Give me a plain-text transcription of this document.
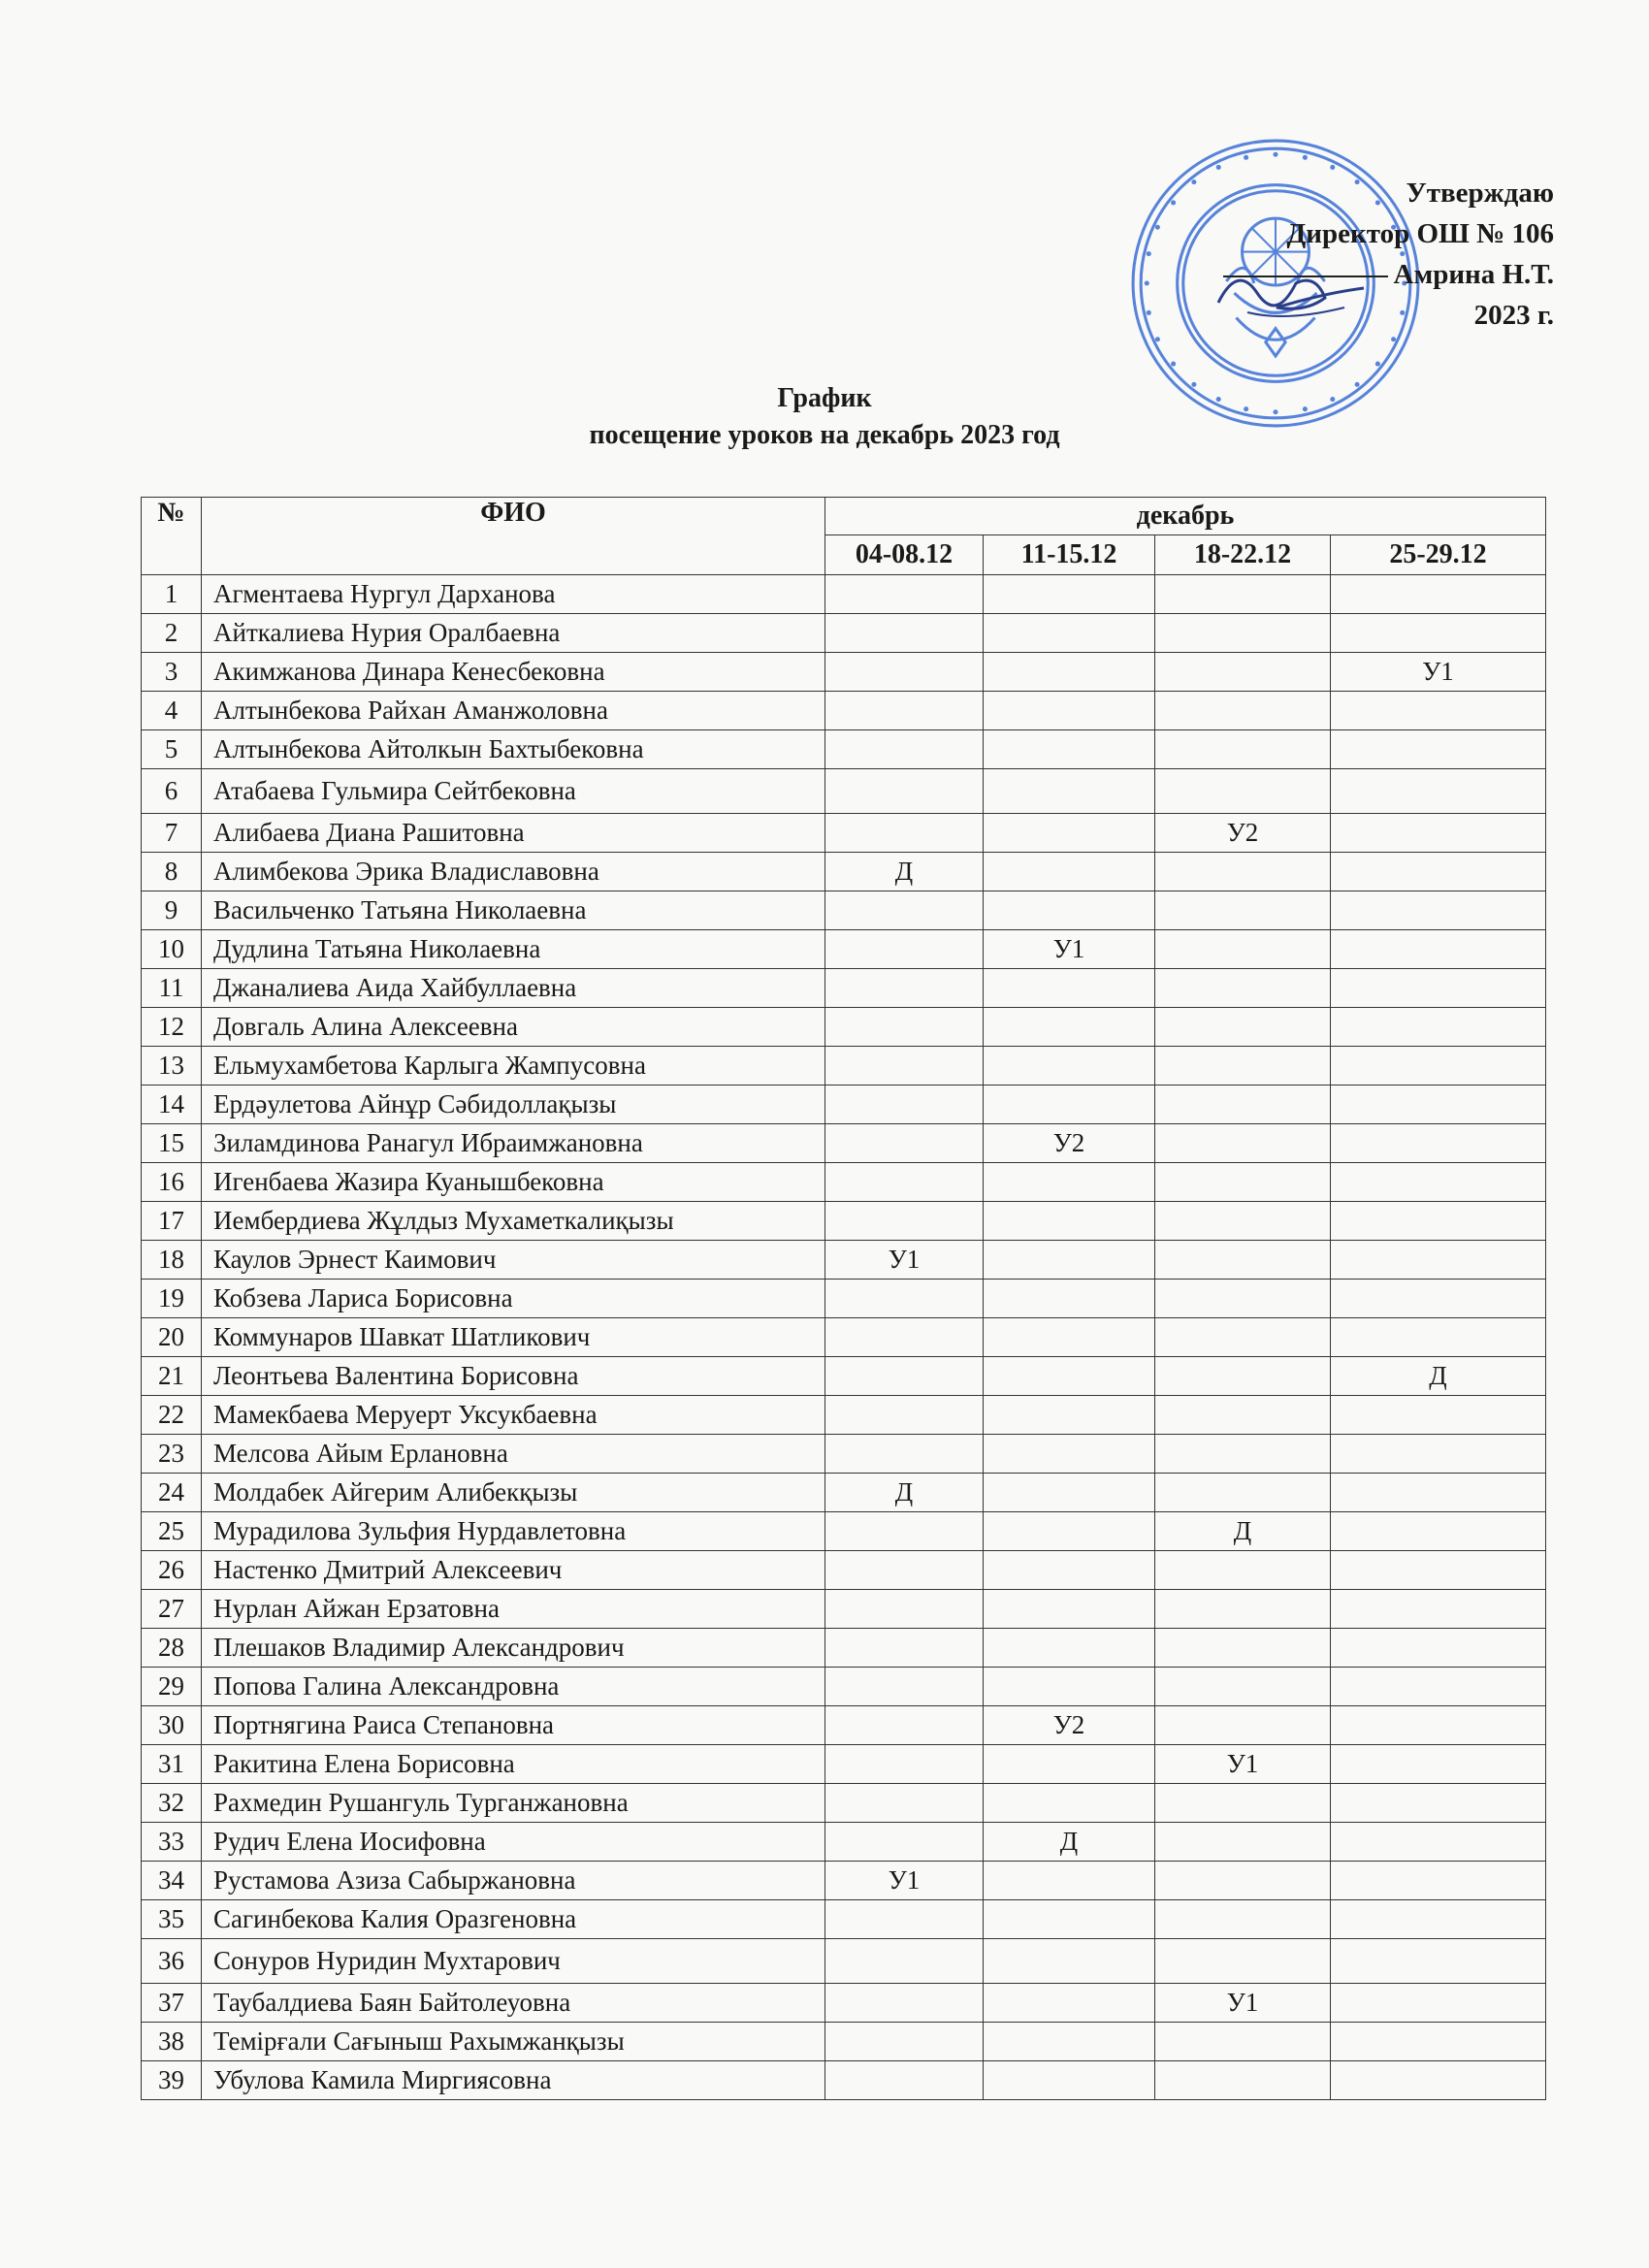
Утверждаю
Директор ОШ № 106
Амрина Н.Т.
2023 г.
График
посещение уроков на декабрь 2023 год
№	ФИО	декабрь			
		04-08.12	11-15.12	18-22.12	25-29.12
1	Агментаева Нургул Дарханова				
2	Айткалиева Нурия Оралбаевна				
3	Акимжанова Динара Кенесбековна				У1
4	Алтынбекова Райхан Аманжоловна				
5	Алтынбекова Айтолкын Бахтыбековна				
6	Атабаева Гульмира Сейтбековна				
7	Алибаева Диана Рашитовна			У2	
8	Алимбекова Эрика Владиславовна	Д			
9	Васильченко Татьяна Николаевна				
10	Дудлина Татьяна Николаевна		У1		
11	Джаналиева Аида Хайбуллаевна				
12	Довгаль Алина Алексеевна				
13	Ельмухамбетова Карлыга Жампусовна				
14	Ердәулетова Айнұр Сәбидоллақызы				
15	Зиламдинова Ранагул Ибраимжановна		У2		
16	Игенбаева Жазира Куанышбековна				
17	Иембердиева Жұлдыз Мухаметкалиқызы				
18	Каулов Эрнест Каимович	У1			
19	Кобзева Лариса Борисовна				
20	Коммунаров Шавкат Шатликович				
21	Леонтьева Валентина Борисовна				Д
22	Мамекбаева Меруерт Уксукбаевна				
23	Мелсова Айым Ерлановна				
24	Молдабек Айгерим Алибекқызы	Д			
25	Мурадилова Зульфия Нурдавлетовна			Д	
26	Настенко Дмитрий Алексеевич				
27	Нурлан Айжан Ерзатовна				
28	Плешаков Владимир Александрович				
29	Попова Галина Александровна				
30	Портнягина Раиса Степановна		У2		
31	Ракитина Елена Борисовна			У1	
32	Рахмедин Рушангуль Турганжановна				
33	Рудич Елена Иосифовна		Д		
34	Рустамова Азиза Сабыржановна	У1			
35	Сагинбекова Калия Оразгеновна				
36	Сонуров Нуридин Мухтарович				
37	Таубалдиева Баян Байтолеуовна			У1	
38	Темірғали Сағыныш Рахымжанқызы				
39	Убулова Камила Миргиясовна				
